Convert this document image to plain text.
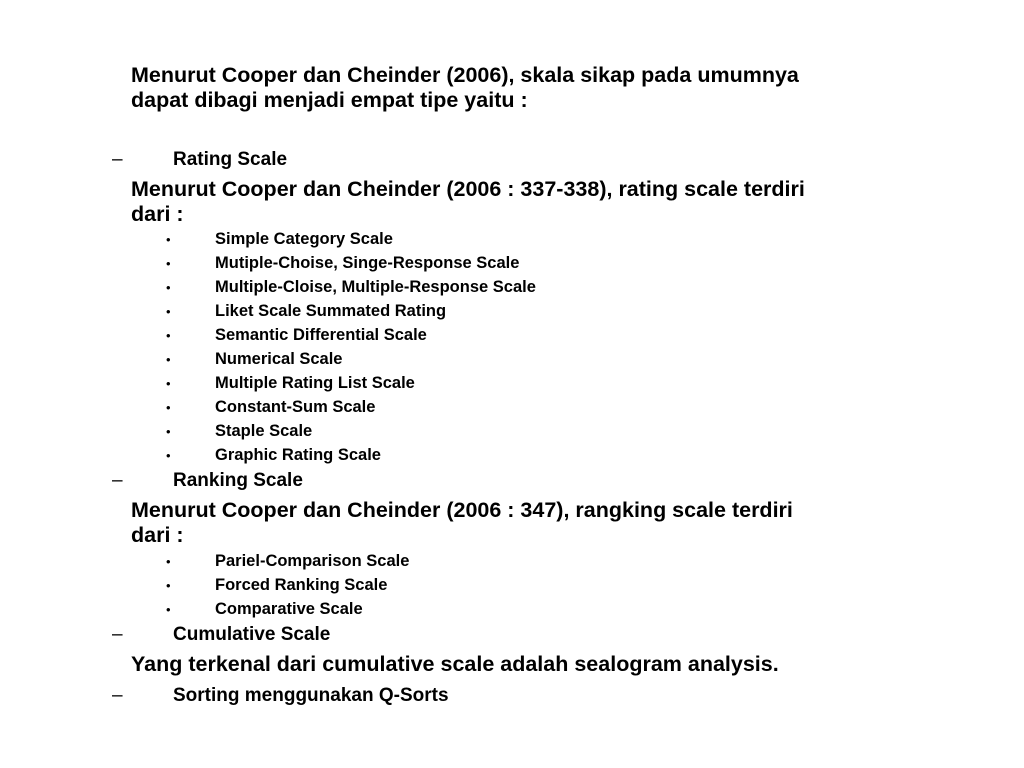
Menurut Cooper dan Cheinder (2006), skala sikap pada umumnya
dapat dibagi menjadi empat tipe yaitu :

–	Rating Scale

Menurut Cooper dan Cheinder (2006 : 337-338), rating scale terdiri
dari :

•	Simple Category Scale
•	Mutiple-Choise, Singe-Response Scale
•	Multiple-Cloise, Multiple-Response Scale
•	Liket Scale Summated Rating
•	Semantic Differential Scale
•	Numerical Scale
•	Multiple Rating List Scale
•	Constant-Sum Scale
•	Staple Scale
•	Graphic Rating Scale
–	Ranking Scale

Menurut Cooper dan Cheinder (2006 : 347), rangking scale terdiri
dari :

•	Pariel-Comparison Scale
•	Forced Ranking Scale
•	Comparative Scale
–	Cumulative Scale

Yang terkenal dari cumulative scale adalah sealogram analysis.

–	Sorting menggunakan Q-Sorts
